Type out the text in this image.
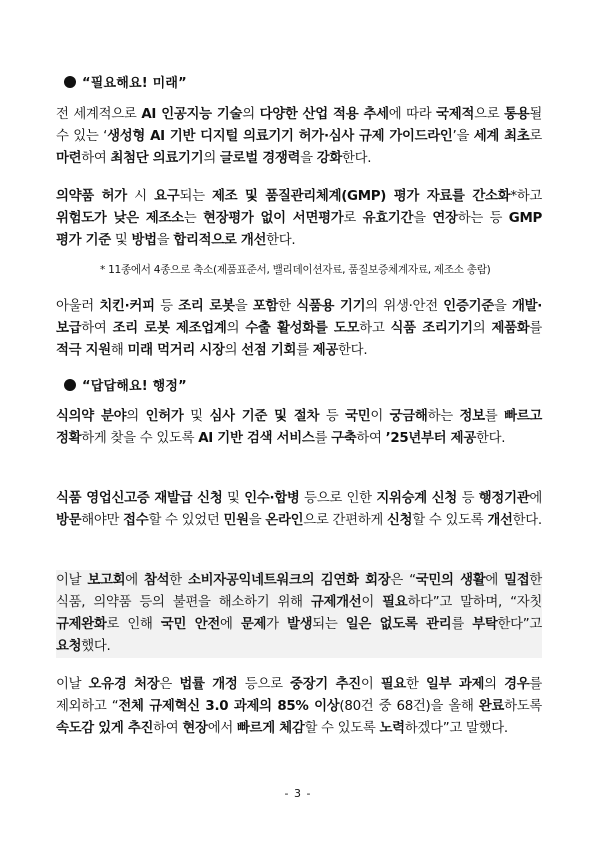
“필요해요! 미래”
전 세계적으로 AI 인공지능 기술의 다양한 산업 적용 추세에 따라 국제적으로 통용될 수 있는 ‘생성형 AI 기반 디지털 의료기기 허가·심사 규제 가이드라인’을 세계 최초로 마련하여 최첨단 의료기기의 글로벌 경쟁력을 강화한다.
의약품 허가 시 요구되는 제조 및 품질관리체계(GMP) 평가 자료를 간소화*하고 위험도가 낮은 제조소는 현장평가 없이 서면평가로 유효기간을 연장하는 등 GMP 평가 기준 및 방법을 합리적으로 개선한다.
* 11종에서 4종으로 축소(제품표준서, 밸리데이션자료, 품질보증체계자료, 제조소 총람)
아울러 치킨·커피 등 조리 로봇을 포함한 식품용 기기의 위생·안전 인증기준을 개발·보급하여 조리 로봇 제조업계의 수출 활성화를 도모하고 식품 조리기기의 제품화를 적극 지원해 미래 먹거리 시장의 선점 기회를 제공한다.
“답답해요! 행정”
식의약 분야의 인허가 및 심사 기준 및 절차 등 국민이 궁금해하는 정보를 빠르고 정확하게 찾을 수 있도록 AI 기반 검색 서비스를 구축하여 ’25년부터 제공한다.
식품 영업신고증 재발급 신청 및 인수·합병 등으로 인한 지위승계 신청 등 행정기관에 방문해야만 접수할 수 있었던 민원을 온라인으로 간편하게 신청할 수 있도록 개선한다.
이날 보고회에 참석한 소비자공익네트워크의 김연화 회장은 “국민의 생활에 밀접한 식품, 의약품 등의 불편을 해소하기 위해 규제개선이 필요하다”고 말하며, “자칫 규제완화로 인해 국민 안전에 문제가 발생되는 일은 없도록 관리를 부탁한다”고 요청했다.
이날 오유경 처장은 법률 개정 등으로 중장기 추진이 필요한 일부 과제의 경우를 제외하고 “전체 규제혁신 3.0 과제의 85% 이상(80건 중 68건)을 올해 완료하도록 속도감 있게 추진하여 현장에서 빠르게 체감할 수 있도록 노력하겠다”고 말했다.
- 3 -
